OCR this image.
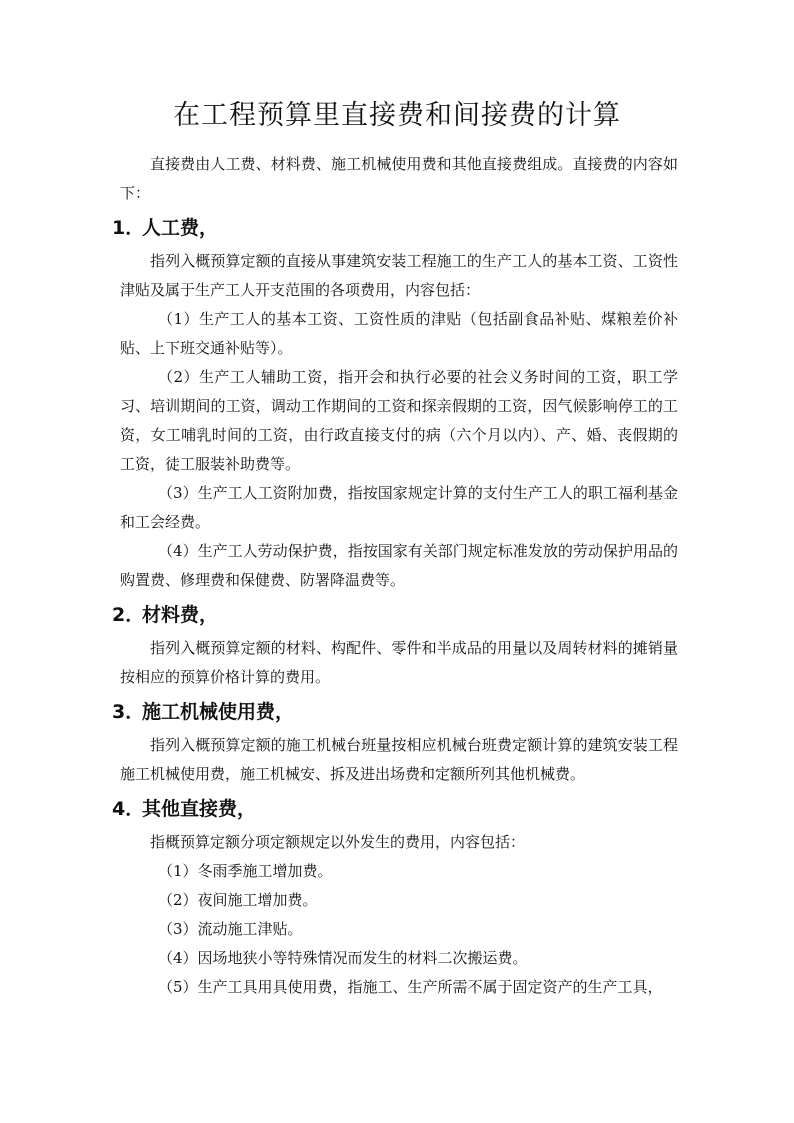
在工程预算里直接费和间接费的计算

直接费由人工费、材料费、施工机械使用费和其他直接费组成。直接费的内容如下：

1．人工费，

指列入概预算定额的直接从事建筑安装工程施工的生产工人的基本工资、工资性津贴及属于生产工人开支范围的各项费用，内容包括：

（1）生产工人的基本工资、工资性质的津贴（包括副食品补贴、煤粮差价补贴、上下班交通补贴等）。

（2）生产工人辅助工资，指开会和执行必要的社会义务时间的工资，职工学习、培训期间的工资，调动工作期间的工资和探亲假期的工资，因气候影响停工的工资，女工哺乳时间的工资，由行政直接支付的病（六个月以内）、产、婚、丧假期的工资，徒工服装补助费等。

（3）生产工人工资附加费，指按国家规定计算的支付生产工人的职工福利基金和工会经费。

（4）生产工人劳动保护费，指按国家有关部门规定标准发放的劳动保护用品的购置费、修理费和保健费、防署降温费等。

2．材料费，

指列入概预算定额的材料、构配件、零件和半成品的用量以及周转材料的摊销量按相应的预算价格计算的费用。

3．施工机械使用费，

指列入概预算定额的施工机械台班量按相应机械台班费定额计算的建筑安装工程施工机械使用费，施工机械安、拆及进出场费和定额所列其他机械费。

4．其他直接费，

指概预算定额分项定额规定以外发生的费用，内容包括：

（1）冬雨季施工增加费。

（2）夜间施工增加费。

（3）流动施工津贴。

（4）因场地狭小等特殊情况而发生的材料二次搬运费。

（5）生产工具用具使用费，指施工、生产所需不属于固定资产的生产工具，
